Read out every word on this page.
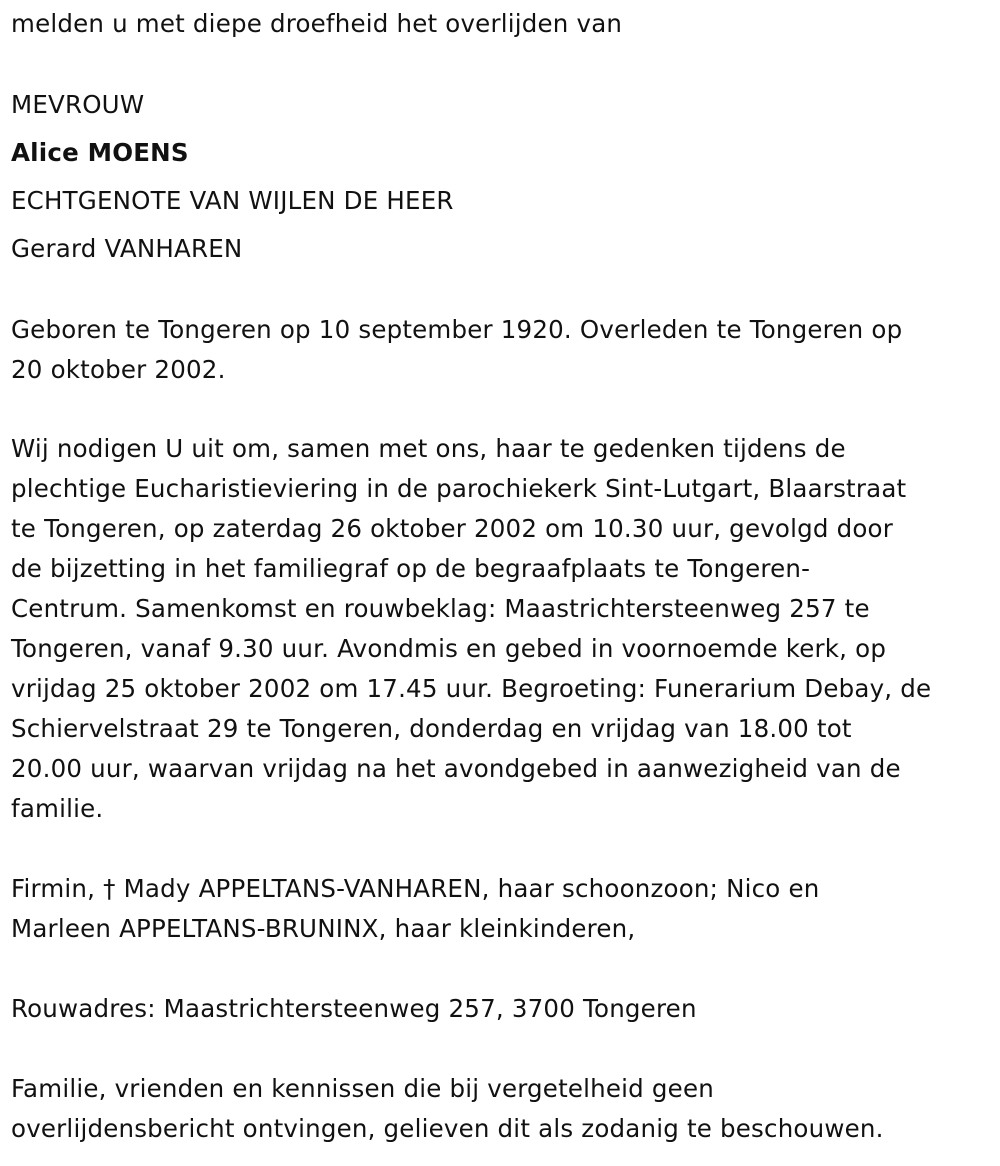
melden u met diepe droefheid het overlijden van
MEVROUW
Alice MOENS
ECHTGENOTE VAN WIJLEN DE HEER
Gerard VANHAREN
Geboren te Tongeren op 10 september 1920. Overleden te Tongeren op
20 oktober 2002.
Wij nodigen U uit om, samen met ons, haar te gedenken tijdens de
plechtige Eucharistieviering in de parochiekerk Sint-Lutgart, Blaarstraat
te Tongeren, op zaterdag 26 oktober 2002 om 10.30 uur, gevolgd door
de bijzetting in het familiegraf op de begraafplaats te Tongeren-
Centrum. Samenkomst en rouwbeklag: Maastrichtersteenweg 257 te
Tongeren, vanaf 9.30 uur. Avondmis en gebed in voornoemde kerk, op
vrijdag 25 oktober 2002 om 17.45 uur. Begroeting: Funerarium Debay, de
Schiervelstraat 29 te Tongeren, donderdag en vrijdag van 18.00 tot
20.00 uur, waarvan vrijdag na het avondgebed in aanwezigheid van de
familie.
Firmin, † Mady APPELTANS-VANHAREN, haar schoonzoon; Nico en
Marleen APPELTANS-BRUNINX, haar kleinkinderen,
Rouwadres: Maastrichtersteenweg 257, 3700 Tongeren
Familie, vrienden en kennissen die bij vergetelheid geen
overlijdensbericht ontvingen, gelieven dit als zodanig te beschouwen.
